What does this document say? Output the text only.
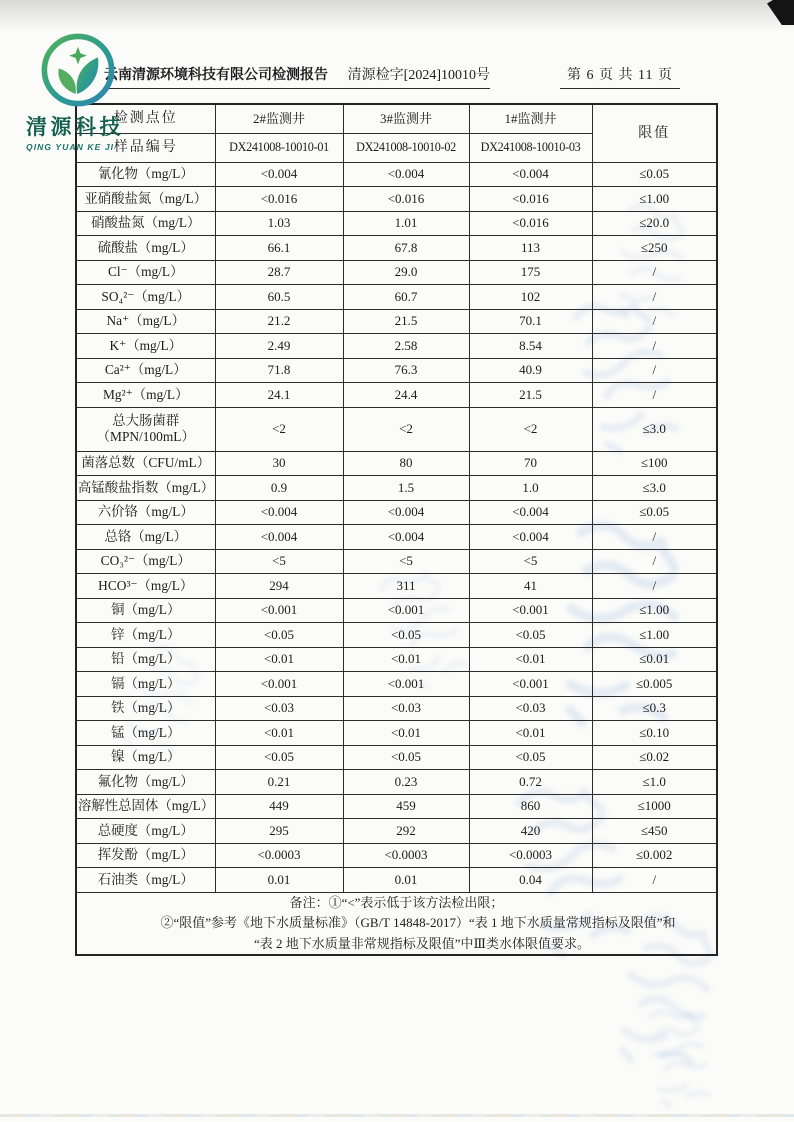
清源科技
QING YUAN KE JI
云南清源环境科技有限公司检测报告 清源检字[2024]10010号	第 6 页 共 11 页
检测点位	2#监测井	3#监测井	1#监测井	限值
样品编号	DX241008-10010-01	DX241008-10010-02	DX241008-10010-03	
氰化物（mg/L）	<0.004	<0.004	<0.004	≤0.05
亚硝酸盐氮（mg/L）	<0.016	<0.016	<0.016	≤1.00
硝酸盐氮（mg/L）	1.03	1.01	<0.016	≤20.0
硫酸盐（mg/L）	66.1	67.8	113	≤250
Cl⁻（mg/L）	28.7	29.0	175	/
SO₄²⁻（mg/L）	60.5	60.7	102	/
Na⁺（mg/L）	21.2	21.5	70.1	/
K⁺（mg/L）	2.49	2.58	8.54	/
Ca²⁺（mg/L）	71.8	76.3	40.9	/
Mg²⁺（mg/L）	24.1	24.4	21.5	/
总大肠菌群（MPN/100mL）	<2	<2	<2	≤3.0
菌落总数（CFU/mL）	30	80	70	≤100
高锰酸盐指数（mg/L）	0.9	1.5	1.0	≤3.0
六价铬（mg/L）	<0.004	<0.004	<0.004	≤0.05
总铬（mg/L）	<0.004	<0.004	<0.004	/
CO₃²⁻（mg/L）	<5	<5	<5	/
HCO³⁻（mg/L）	294	311	41	/
铜（mg/L）	<0.001	<0.001	<0.001	≤1.00
锌（mg/L）	<0.05	<0.05	<0.05	≤1.00
铅（mg/L）	<0.01	<0.01	<0.01	≤0.01
镉（mg/L）	<0.001	<0.001	<0.001	≤0.005
铁（mg/L）	<0.03	<0.03	<0.03	≤0.3
锰（mg/L）	<0.01	<0.01	<0.01	≤0.10
镍（mg/L）	<0.05	<0.05	<0.05	≤0.02
氟化物（mg/L）	0.21	0.23	0.72	≤1.0
溶解性总固体（mg/L）	449	459	860	≤1000
总硬度（mg/L）	295	292	420	≤450
挥发酚（mg/L）	<0.0003	<0.0003	<0.0003	≤0.002
石油类（mg/L）	0.01	0.01	0.04	/

备注：①“<”表示低于该方法检出限；
②“限值”参考《地下水质量标准》（GB/T 14848-2017）“表 1 地下水质量常规指标及限值”和
“表 2 地下水质量非常规指标及限值”中Ⅲ类水体限值要求。				
